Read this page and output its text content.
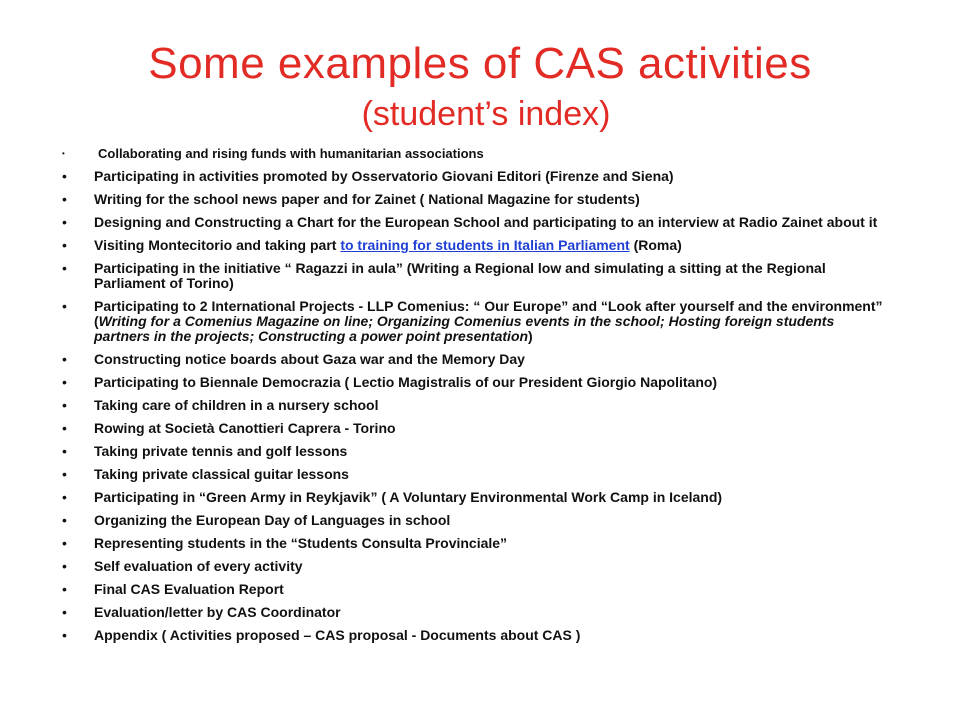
Some examples of CAS activities
(student’s index)
•	Collaborating and rising funds with humanitarian associations
•	Participating in activities promoted by Osservatorio Giovani Editori (Firenze and Siena)
•	Writing for the school news paper and for Zainet ( National Magazine for students)
•	Designing and Constructing a Chart for the European School and participating to an interview at Radio Zainet about it
•	Visiting Montecitorio and taking part to training for students in Italian Parliament (Roma)
•	Participating in the initiative “ Ragazzi in aula” (Writing a Regional low and simulating a sitting at the Regional Parliament of Torino)
•	Participating to 2 International Projects - LLP Comenius: “ Our Europe” and “Look after yourself and the environment” (Writing for a Comenius Magazine on line; Organizing Comenius events in the school; Hosting foreign students partners in the projects; Constructing a power point presentation)
•	Constructing notice boards about Gaza war and the Memory Day
•	Participating to Biennale Democrazia ( Lectio Magistralis of our President Giorgio Napolitano)
•	Taking care of children in a nursery school
•	Rowing at Società Canottieri Caprera - Torino
•	Taking private tennis and golf lessons
•	Taking private classical guitar lessons
•	Participating in “Green Army in Reykjavik” ( A Voluntary Environmental Work Camp in Iceland)
•	Organizing the European Day of Languages in school
•	Representing students in the “Students Consulta Provinciale”
•	Self evaluation of every activity
•	Final CAS Evaluation Report
•	Evaluation/letter by CAS Coordinator
•	Appendix ( Activities proposed – CAS proposal - Documents about CAS )
